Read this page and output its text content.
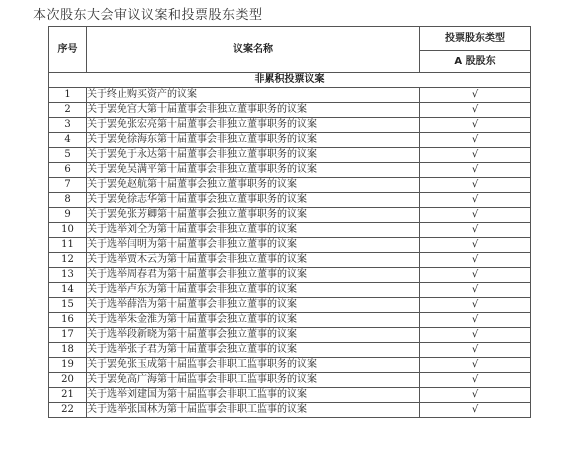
本次股东大会审议议案和投票股东类型
序号	议案名称	投票股东类型
		A 股股东
非累积投票议案		
1	关于终止购买资产的议案	√
2	关于罢免宫大第十届董事会非独立董事职务的议案	√
3	关于罢免张宏亮第十届董事会非独立董事职务的议案	√
4	关于罢免徐海东第十届董事会非独立董事职务的议案	√
5	关于罢免于永达第十届董事会非独立董事职务的议案	√
6	关于罢免吴满平第十届董事会非独立董事职务的议案	√
7	关于罢免赵航第十届董事会独立董事职务的议案	√
8	关于罢免徐志华第十届董事会独立董事职务的议案	√
9	关于罢免张芳卿第十届董事会独立董事职务的议案	√
10	关于选举刘仝为第十届董事会非独立董事的议案	√
11	关于选举闫明为第十届董事会非独立董事的议案	√
12	关于选举贾木云为第十届董事会非独立董事的议案	√
13	关于选举周春君为第十届董事会非独立董事的议案	√
14	关于选举卢东为第十届董事会非独立董事的议案	√
15	关于选举薛浩为第十届董事会非独立董事的议案	√
16	关于选举朱金淮为第十届董事会独立董事的议案	√
17	关于选举段新晓为第十届董事会独立董事的议案	√
18	关于选举张子君为第十届董事会独立董事的议案	√
19	关于罢免张玉成第十届监事会非职工监事职务的议案	√
20	关于罢免高广海第十届监事会非职工监事职务的议案	√
21	关于选举刘建国为第十届监事会非职工监事的议案	√
22	关于选举张国林为第十届监事会非职工监事的议案	√
